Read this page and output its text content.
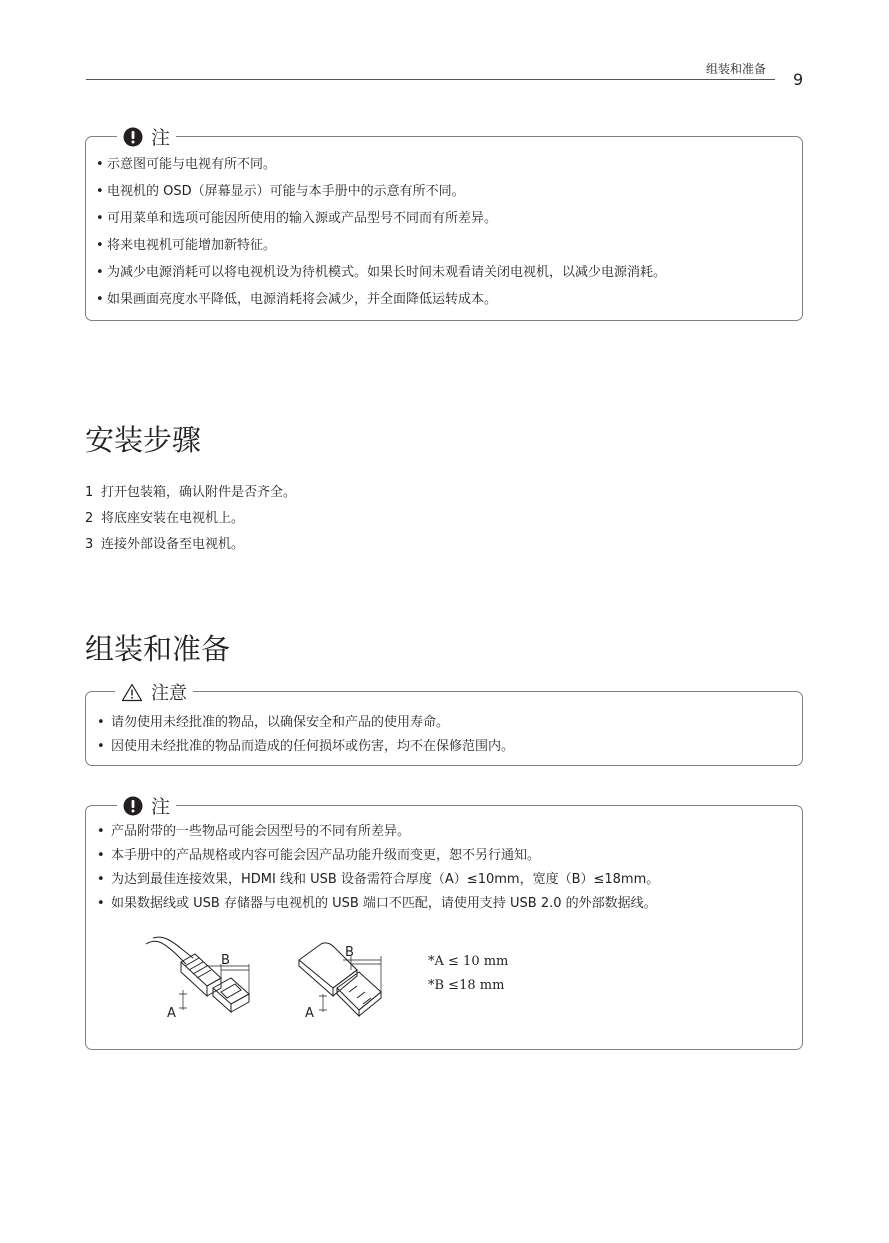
组装和准备
9
注
• 示意图可能与电视有所不同。
• 电视机的 OSD（屏幕显示）可能与本手册中的示意有所不同。
• 可用菜单和选项可能因所使用的输入源或产品型号不同而有所差异。
• 将来电视机可能增加新特征。
• 为减少电源消耗可以将电视机设为待机模式。如果长时间未观看请关闭电视机，以减少电源消耗。
• 如果画面亮度水平降低，电源消耗将会减少，并全面降低运转成本。
安装步骤
1 打开包装箱，确认附件是否齐全。
2 将底座安装在电视机上。
3 连接外部设备至电视机。
组装和准备
注意
• 请勿使用未经批准的物品，以确保安全和产品的使用寿命。
• 因使用未经批准的物品而造成的任何损坏或伤害，均不在保修范围内。
注
• 产品附带的一些物品可能会因型号的不同有所差异。
• 本手册中的产品规格或内容可能会因产品功能升级而变更，恕不另行通知。
• 为达到最佳连接效果，HDMI 线和 USB 设备需符合厚度（A）≤10mm，宽度（B）≤18mm。
• 如果数据线或 USB 存储器与电视机的 USB 端口不匹配，请使用支持 USB 2.0 的外部数据线。
B
A
B
A
*A ≤ 10 mm
*B ≤18 mm
